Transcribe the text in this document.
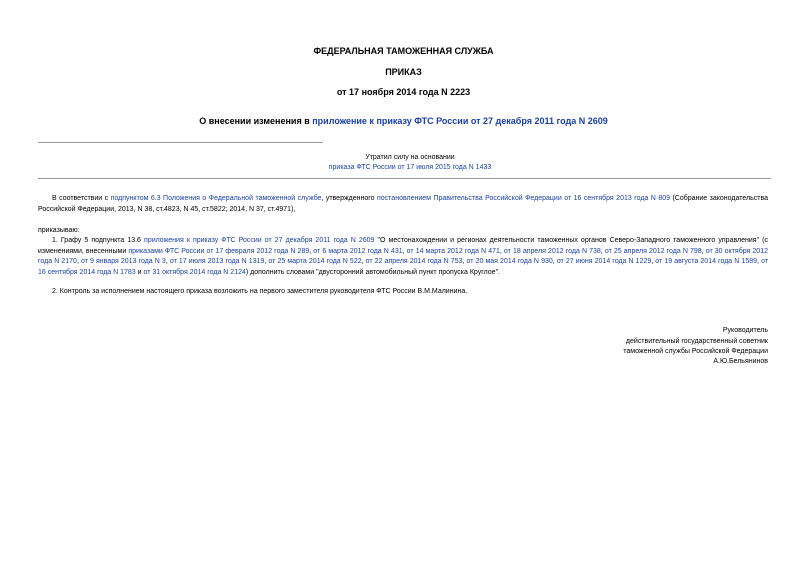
ФЕДЕРАЛЬНАЯ ТАМОЖЕННАЯ СЛУЖБА
ПРИКАЗ
от 17 ноября 2014 года N 2223
О внесении изменения в приложение к приказу ФТС России от 27 декабря 2011 года N 2609
Утратил силу на основании
приказа ФТС России от 17 июля 2015 года N 1433
В соответствии с подпунктом 6.3 Положения о Федеральной таможенной службе, утвержденного постановлением Правительства Российской Федерации от 16 сентября 2013 года N 809 (Собрание законодательства Российской Федерации, 2013, N 38, ст.4823, N 45, ст.5822; 2014, N 37, ст.4971),
приказываю:
1. Графу 5 подпункта 13.6 приложения к приказу ФТС России от 27 декабря 2011 года N 2609 "О местонахождении и регионах деятельности таможенных органов Северо-Западного таможенного управления" (с изменениями, внесенными приказами ФТС России от 17 февраля 2012 года N 289, от 6 марта 2012 года N 431, от 14 марта 2012 года N 471, от 18 апреля 2012 года N 738, от 25 апреля 2012 года N 798, от 30 октября 2012 года N 2170, от 9 января 2013 года N 3, от 17 июля 2013 года N 1319, от 25 марта 2014 года N 522, от 22 апреля 2014 года N 753, от 20 мая 2014 года N 930, от 27 июня 2014 года N 1229, от 19 августа 2014 года N 1589, от 16 сентября 2014 года N 1783 и от 31 октября 2014 года N 2124) дополнить словами "двусторонний автомобильный пункт пропуска Круглое".
2. Контроль за исполнением настоящего приказа возложить на первого заместителя руководителя ФТС России В.М.Малинина.
Руководитель
действительный государственный советник
таможенной службы Российской Федерации
А.Ю.Бельянинов
